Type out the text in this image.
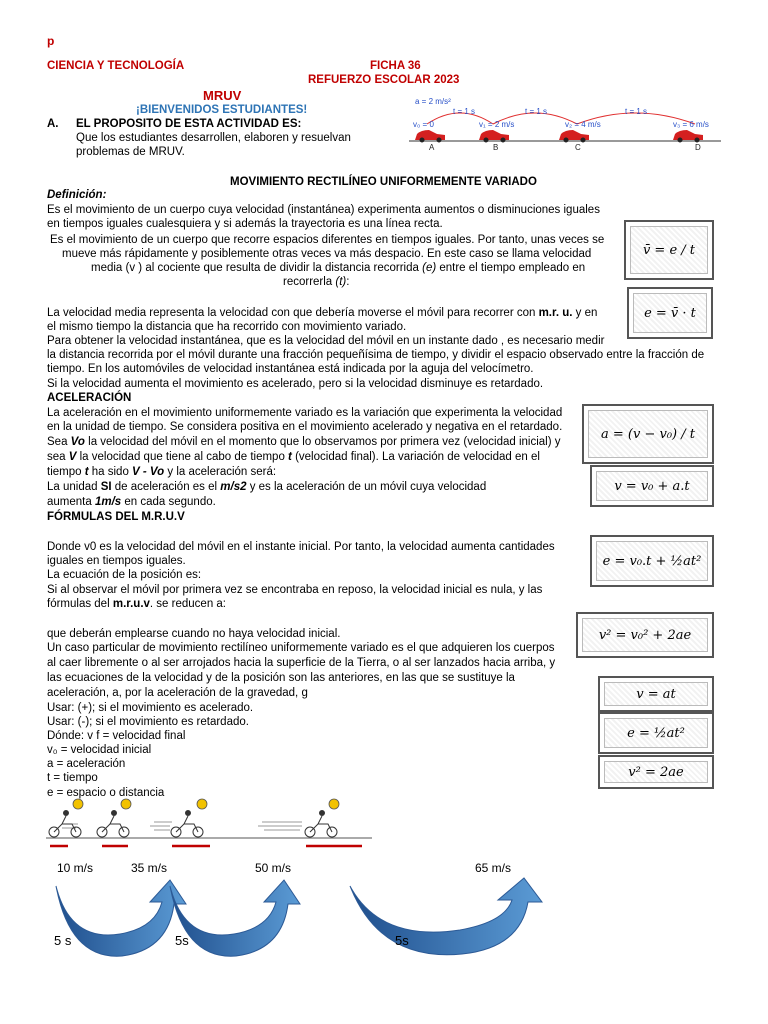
p
CIENCIA Y TECNOLOGÍA	FICHA 36
REFUERZO ESCOLAR 2023
MRUV
¡BIENVENIDOS ESTUDIANTES!
A. EL PROPOSITO DE ESTA ACTIVIDAD ES:
Que los estudiantes desarrollen, elaboren y resuelvan
problemas de MRUV.
a = 2 m/s²
t = 1 s	t = 1 s	t = 1 s
v₀ = 0	v₁ = 2 m/s	v₂ = 4 m/s	v₃ = 6 m/s
A	B	C	D
MOVIMIENTO RECTILÍNEO UNIFORMEMENTE VARIADO
Definición:
Es el movimiento de un cuerpo cuya velocidad (instantánea) experimenta aumentos o disminuciones iguales
en tiempos iguales cualesquiera y si además la trayectoria es una línea recta.
Es el movimiento de un cuerpo que recorre espacios diferentes en tiempos iguales. Por tanto, unas veces se
mueve más rápidamente y posiblemente otras veces va más despacio. En este caso se llama velocidad
media (v ) al cociente que resulta de dividir la distancia recorrida (e) entre el tiempo empleado en
recorrerla (t):
La velocidad media representa la velocidad con que debería moverse el móvil para recorrer con m.r. u. y en
el mismo tiempo la distancia que ha recorrido con movimiento variado.
Para obtener la velocidad instantánea, que es la velocidad del móvil en un instante dado , es necesario medir
la distancia recorrida por el móvil durante una fracción pequeñísima de tiempo, y dividir el espacio observado entre la fracción de
tiempo. En los automóviles de velocidad instantánea está indicada por la aguja del velocímetro.
Si la velocidad aumenta el movimiento es acelerado, pero si la velocidad disminuye es retardado.
ACELERACIÓN
La aceleración en el movimiento uniformemente variado es la variación que experimenta la velocidad
en la unidad de tiempo. Se considera positiva en el movimiento acelerado y negativa en el retardado.
Sea Vo la velocidad del móvil en el momento que lo observamos por primera vez (velocidad inicial) y
sea V la velocidad que tiene al cabo de tiempo t (velocidad final). La variación de velocidad en el
tiempo t ha sido V - Vo y la aceleración será:
La unidad SI de aceleración es el m/s2 y es la aceleración de un móvil cuya velocidad
aumenta 1m/s en cada segundo.
FÓRMULAS DEL M.R.U.V
Donde v0 es la velocidad del móvil en el instante inicial. Por tanto, la velocidad aumenta cantidades
iguales en tiempos iguales.
La ecuación de la posición es:
Si al observar el móvil por primera vez se encontraba en reposo, la velocidad inicial es nula, y las
fórmulas del m.r.u.v. se reducen a:
que deberán emplearse cuando no haya velocidad inicial.
Un caso particular de movimiento rectilíneo uniformemente variado es el que adquieren los cuerpos
al caer libremente o al ser arrojados hacia la superficie de la Tierra, o al ser lanzados hacia arriba, y
las ecuaciones de la velocidad y de la posición son las anteriores, en las que se sustituye la
aceleración, a, por la aceleración de la gravedad, g
Usar: (+); si el movimiento es acelerado.
Usar: (-); si el movimiento es retardado.
Dónde: v f = velocidad final
v₀ = velocidad inicial
a = aceleración
t = tiempo
e = espacio o distancia
v̄ = e / t
e = v̄ · t
a = (v − v₀) / t
v = v₀ + a.t
e = v₀.t + ½at²
v² = v₀² + 2ae
v = at
e = ½at²
v² = 2ae
10 m/s	35 m/s	50 m/s	65 m/s
5 s	5s	5s
